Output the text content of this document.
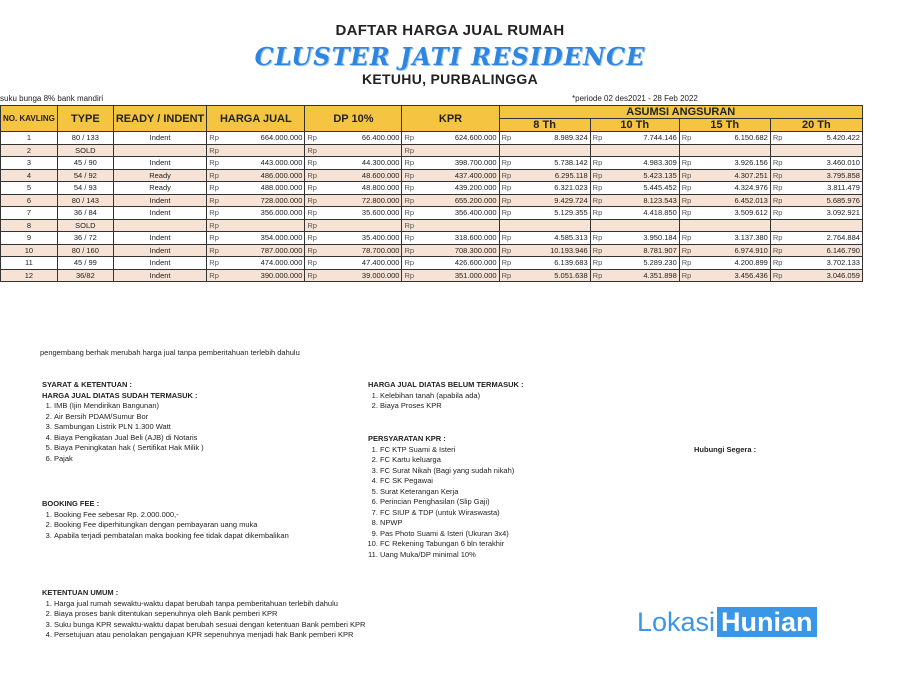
DAFTAR HARGA JUAL RUMAH
CLUSTER JATI RESIDENCE
KETUHU, PURBALINGGA
suku bunga 8% bank mandiri	*periode 02 des2021 - 28 Feb 2022
NO. KAVLING	TYPE	READY / INDENT	HARGA JUAL		DP 10%		KPR		ASUMSI ANGSURAN							
									8 Th		10 Th		15 Th		20 Th	
1	80 / 133	Indent	Rp	664.000.000	Rp	66.400.000	Rp	624.600.000	Rp	8.989.324	Rp	7.744.146	Rp	6.150.682	Rp	5.420.422
2	SOLD		Rp		Rp		Rp									
3	45 / 90	Indent	Rp	443.000.000	Rp	44.300.000	Rp	398.700.000	Rp	5.738.142	Rp	4.983.309	Rp	3.926.156	Rp	3.460.010
4	54 / 92	Ready	Rp	486.000.000	Rp	48.600.000	Rp	437.400.000	Rp	6.295.118	Rp	5.423.135	Rp	4.307.251	Rp	3.795.858
5	54 / 93	Ready	Rp	488.000.000	Rp	48.800.000	Rp	439.200.000	Rp	6.321.023	Rp	5.445.452	Rp	4.324.976	Rp	3.811.479
6	80 / 143	Indent	Rp	728.000.000	Rp	72.800.000	Rp	655.200.000	Rp	9.429.724	Rp	8.123.543	Rp	6.452.013	Rp	5.685.976
7	36 / 84	Indent	Rp	356.000.000	Rp	35.600.000	Rp	356.400.000	Rp	5.129.355	Rp	4.418.850	Rp	3.509.612	Rp	3.092.921
8	SOLD		Rp		Rp		Rp									
9	36 / 72	Indent	Rp	354.000.000	Rp	35.400.000	Rp	318.600.000	Rp	4.585.313	Rp	3.950.184	Rp	3.137.380	Rp	2.764.884
10	80 / 160	Indent	Rp	787.000.000	Rp	78.700.000	Rp	708.300.000	Rp	10.193.946	Rp	8.781.907	Rp	6.974.910	Rp	6.146.790
11	45 / 99	Indent	Rp	474.000.000	Rp	47.400.000	Rp	426.600.000	Rp	6.139.683	Rp	5.289.230	Rp	4.200.899	Rp	3.702.133
12	36/82	Indent	Rp	390.000.000	Rp	39.000.000	Rp	351.000.000	Rp	5.051.638	Rp	4.351.898	Rp	3.456.436	Rp	3.046.059
pengembang berhak merubah harga jual tanpa pemberitahuan terlebih dahulu
SYARAT & KETENTUAN :
HARGA JUAL DIATAS SUDAH TERMASUK :
1. IMB (Ijin Mendirikan Bangunan)
2. Air Bersih PDAM/Sumur Bor
3. Sambungan Listrik PLN 1.300 Watt
4. Biaya Pengikatan Jual Beli (AJB) di Notaris
5. Biaya Peningkatan hak ( Sertifikat Hak Milik )
6. Pajak
BOOKING FEE :
1. Booking Fee sebesar Rp. 2.000.000,-
2. Booking Fee diperhitungkan dengan pembayaran uang muka
3. Apabila terjadi pembatalan maka booking fee tidak dapat dikembalikan
KETENTUAN UMUM :
1. Harga jual rumah sewaktu-waktu dapat berubah tanpa pemberitahuan terlebih dahulu
2. Biaya proses bank ditentukan sepenuhnya oleh Bank pemberi KPR
3. Suku bunga KPR sewaktu-waktu dapat berubah sesuai dengan ketentuan Bank pemberi KPR
4. Persetujuan atau penolakan pengajuan KPR sepenuhnya menjadi hak Bank pemberi KPR
HARGA JUAL DIATAS BELUM TERMASUK :
1. Kelebihan tanah (apabila ada)
2. Biaya Proses KPR
PERSYARATAN KPR :
1. FC KTP Suami & Isteri
2. FC Kartu keluarga
3. FC Surat Nikah (Bagi yang sudah nikah)
4. FC SK Pegawai
5. Surat Keterangan Kerja
6. Perincian Penghasilan (Slip Gaji)
7. FC SIUP & TDP (untuk Wiraswasta)
8. NPWP
9. Pas Photo Suami & Isteri (Ukuran 3x4)
10. FC Rekening Tabungan 6 bln terakhir
11. Uang Muka/DP minimal 10%
Hubungi Segera :
Lokasi Hunian
